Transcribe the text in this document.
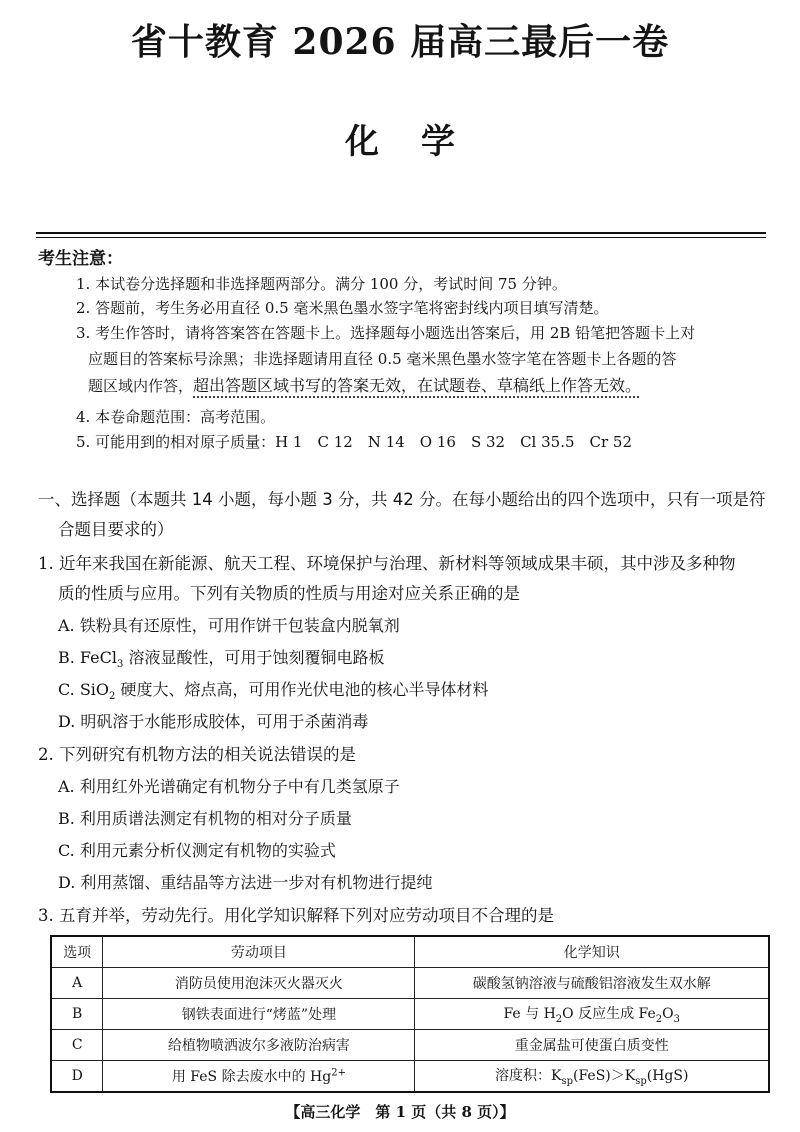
省十教育 2026 届高三最后一卷
化学
考生注意：
1. 本试卷分选择题和非选择题两部分。满分 100 分，考试时间 75 分钟。
2. 答题前，考生务必用直径 0.5 毫米黑色墨水签字笔将密封线内项目填写清楚。
3. 考生作答时，请将答案答在答题卡上。选择题每小题选出答案后，用 2B 铅笔把答题卡上对
应题目的答案标号涂黑；非选择题请用直径 0.5 毫米黑色墨水签字笔在答题卡上各题的答
题区域内作答，超出答题区域书写的答案无效，在试题卷、草稿纸上作答无效。
4. 本卷命题范围：高考范围。
5. 可能用到的相对原子质量：H 1　C 12　N 14　O 16　S 32　Cl 35.5　Cr 52
一、选择题（本题共 14 小题，每小题 3 分，共 42 分。在每小题给出的四个选项中，只有一项是符
合题目要求的）
1. 近年来我国在新能源、航天工程、环境保护与治理、新材料等领域成果丰硕，其中涉及多种物
质的性质与应用。下列有关物质的性质与用途对应关系正确的是
A. 铁粉具有还原性，可用作饼干包装盒内脱氧剂
B. FeCl$_3$ 溶液显酸性，可用于蚀刻覆铜电路板
C. SiO$_2$ 硬度大、熔点高，可用作光伏电池的核心半导体材料
D. 明矾溶于水能形成胶体，可用于杀菌消毒
2. 下列研究有机物方法的相关说法错误的是
A. 利用红外光谱确定有机物分子中有几类氢原子
B. 利用质谱法测定有机物的相对分子质量
C. 利用元素分析仪测定有机物的实验式
D. 利用蒸馏、重结晶等方法进一步对有机物进行提纯
3. 五育并举，劳动先行。用化学知识解释下列对应劳动项目不合理的是
选项	劳动项目	化学知识
A	消防员使用泡沫灭火器灭火	碳酸氢钠溶液与硫酸铝溶液发生双水解
B	钢铁表面进行“烤蓝”处理	Fe 与 $H_2O$ 反应生成 $Fe_2O_3$
C	给植物喷洒波尔多液防治病害	重金属盐可使蛋白质变性
D	用 FeS 除去废水中的 $Hg^{2+}$	溶度积：$K_{sp}(FeS)>K_{sp}(HgS)$
【高三化学　第 1 页（共 8 页）】
